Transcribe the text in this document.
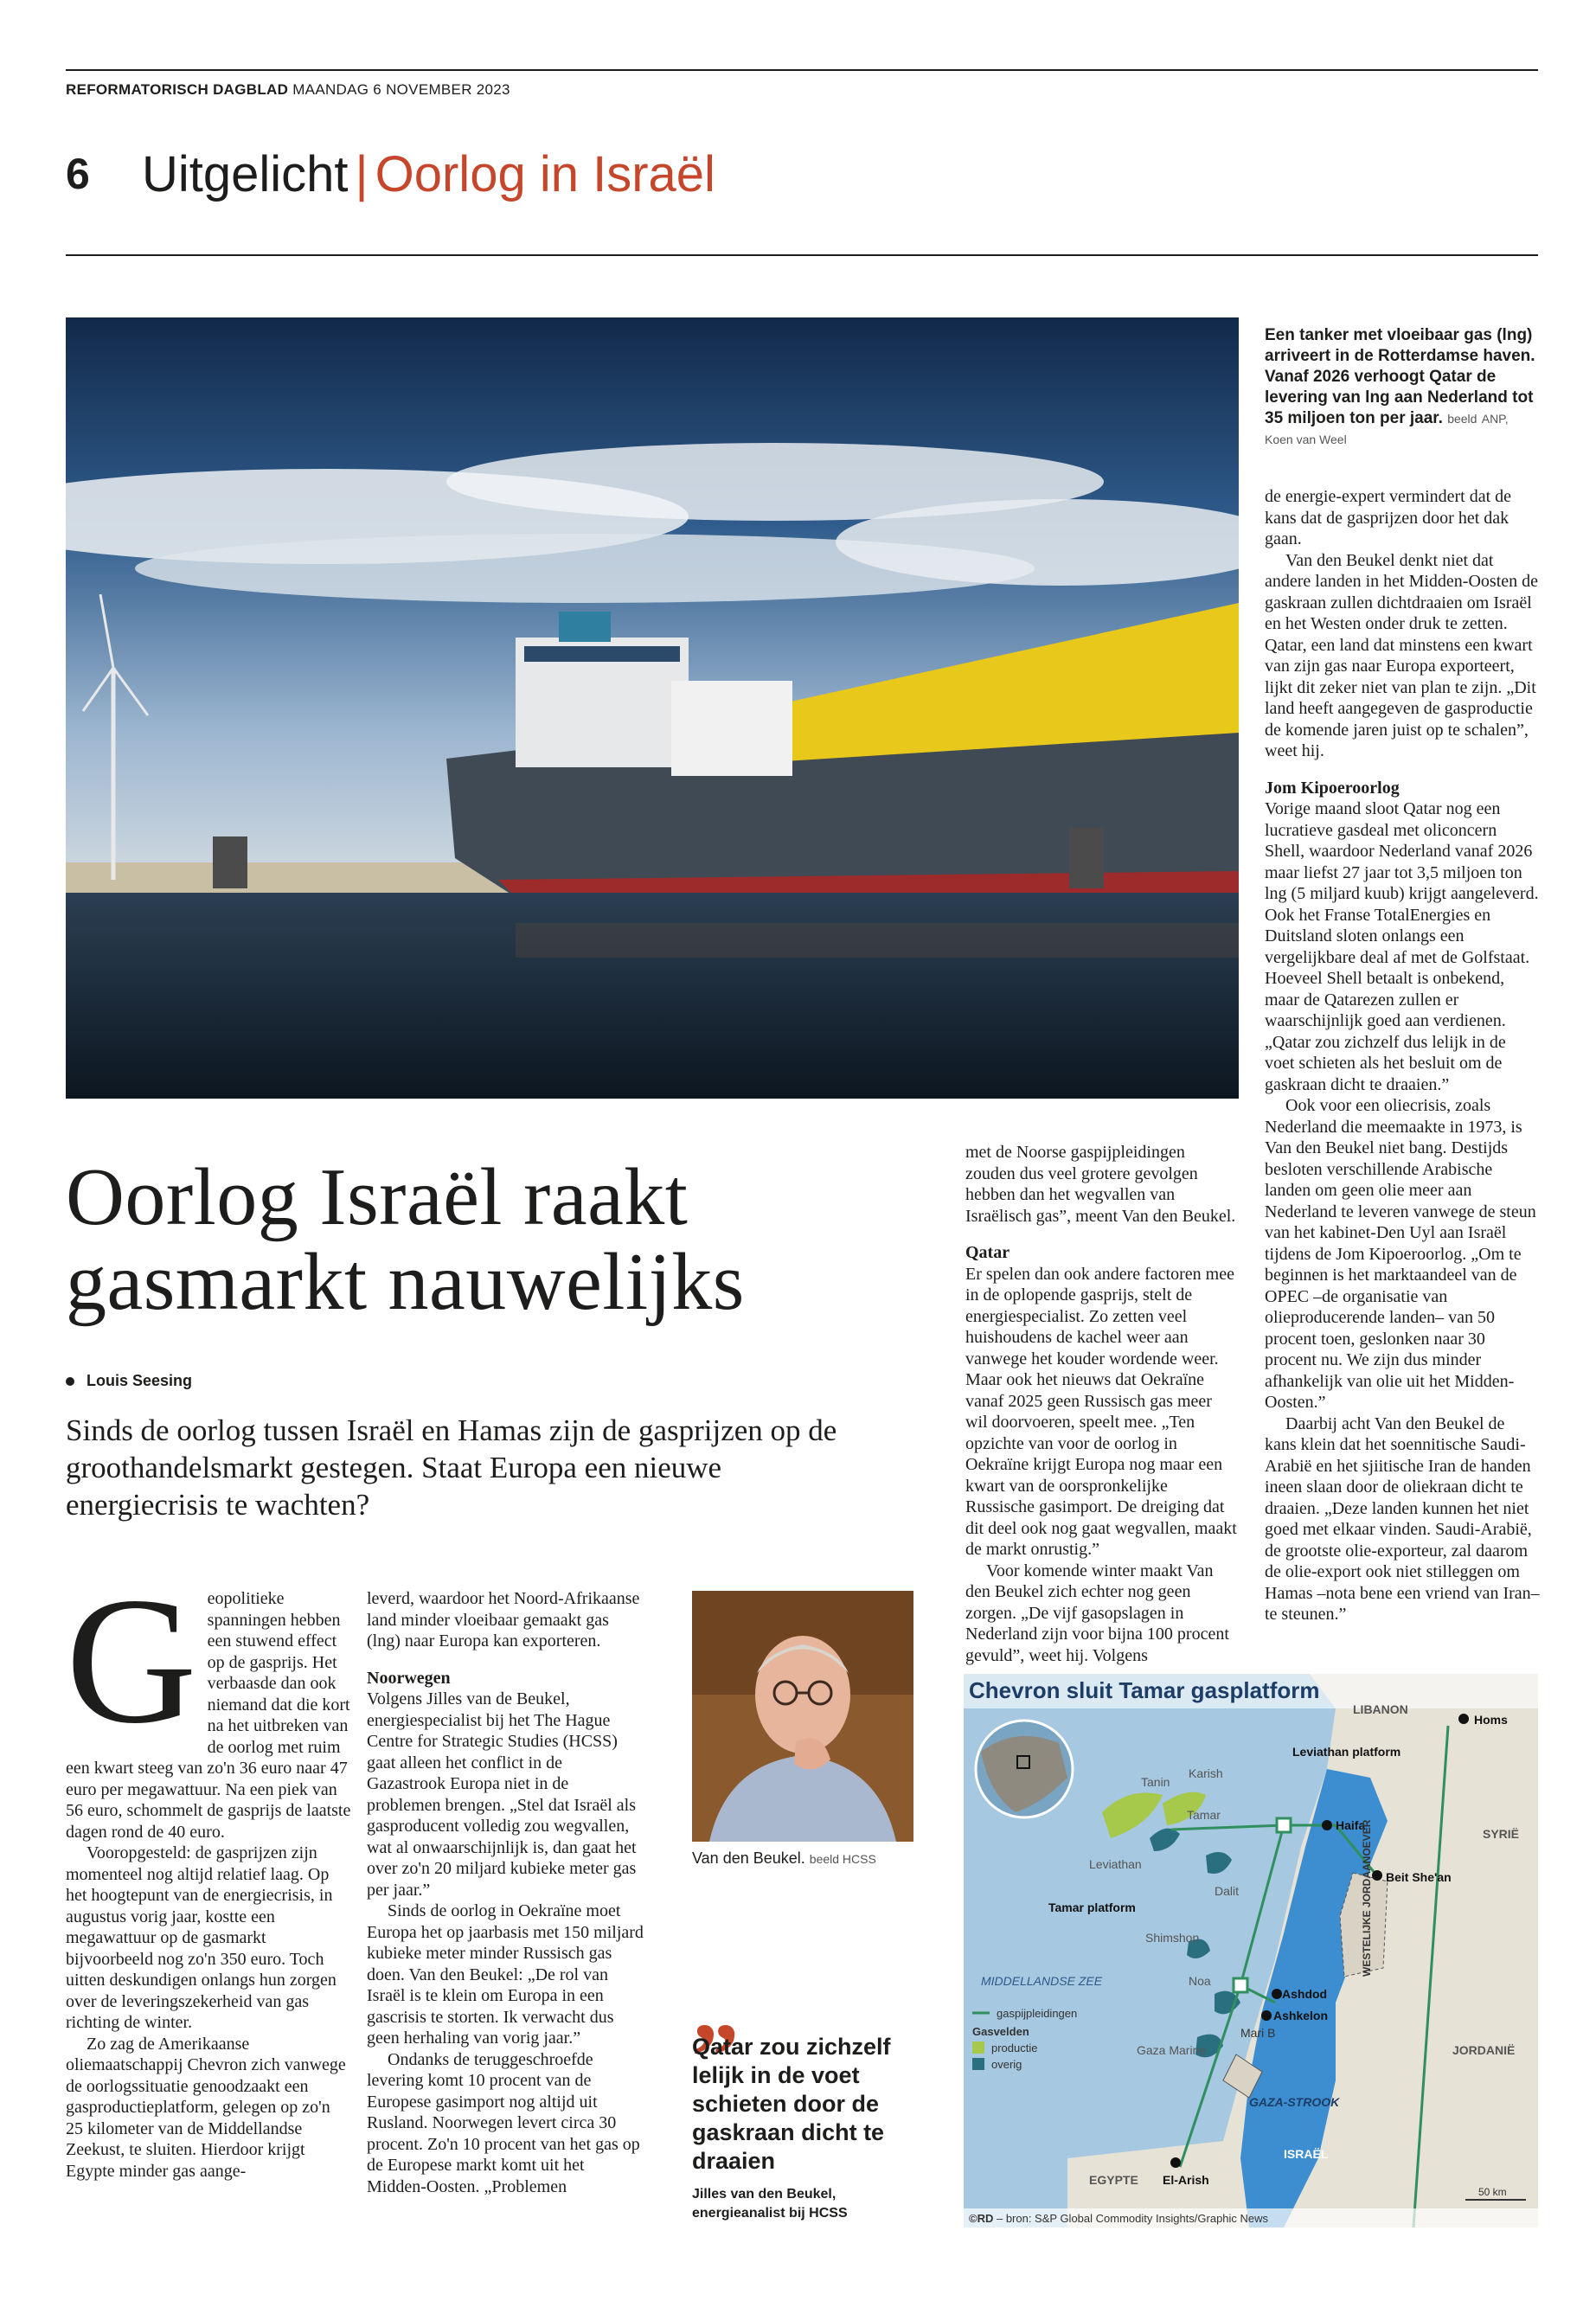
REFORMATORISCH DAGBLAD MAANDAG 6 NOVEMBER 2023
6 Uitgelicht | Oorlog in Israël
Een tanker met vloeibaar gas (lng) arriveert in de Rotterdamse haven. Vanaf 2026 verhoogt Qatar de levering van lng aan Nederland tot 35 miljoen ton per jaar. beeld ANP, Koen van Weel

de energie-expert vermindert dat de kans dat de gasprijzen door het dak gaan.

Van den Beukel denkt niet dat andere landen in het Midden-Oosten de gaskraan zullen dichtdraaien om Israël en het Westen onder druk te zetten. Qatar, een land dat minstens een kwart van zijn gas naar Europa exporteert, lijkt dit zeker niet van plan te zijn. „Dit land heeft aangegeven de gasproductie de komende jaren juist op te schalen”, weet hij.

Jom Kipoeroorlog

Vorige maand sloot Qatar nog een lucratieve gasdeal met oliconcern Shell, waardoor Nederland vanaf 2026 maar liefst 27 jaar tot 3,5 miljoen ton lng (5 miljard kuub) krijgt aangeleverd. Ook het Franse TotalEnergies en Duitsland sloten onlangs een vergelijkbare deal af met de Golfstaat. Hoeveel Shell betaalt is onbekend, maar de Qatarezen zullen er waarschijnlijk goed aan verdienen. „Qatar zou zichzelf dus lelijk in de voet schieten als het besluit om de gaskraan dicht te draaien.”

Ook voor een oliecrisis, zoals Nederland die meemaakte in 1973, is Van den Beukel niet bang. Destijds besloten verschillende Arabische landen om geen olie meer aan Nederland te leveren vanwege de steun van het kabinet-Den Uyl aan Israël tijdens de Jom Kipoeroorlog. „Om te beginnen is het marktaandeel van de OPEC –de organisatie van olieproducerende landen– van 50 procent toen, geslonken naar 30 procent nu. We zijn dus minder afhankelijk van olie uit het Midden-Oosten.”

Daarbij acht Van den Beukel de kans klein dat het soennitische Saudi-Arabië en het sjiitische Iran de handen ineen slaan door de oliekraan dicht te draaien. „Deze landen kunnen het niet goed met elkaar vinden. Saudi-Arabië, de grootste olie-exporteur, zal daarom de olie-export ook niet stilleggen om Hamas –nota bene een vriend van Iran– te steunen.”

met de Noorse gaspijpleidingen zouden dus veel grotere gevolgen hebben dan het wegvallen van Israëlisch gas”, meent Van den Beukel.

Qatar

Er spelen dan ook andere factoren mee in de oplopende gasprijs, stelt de energiespecialist. Zo zetten veel huishoudens de kachel weer aan vanwege het kouder wordende weer. Maar ook het nieuws dat Oekraïne vanaf 2025 geen Russisch gas meer wil doorvoeren, speelt mee. „Ten opzichte van voor de oorlog in Oekraïne krijgt Europa nog maar een kwart van de oorspronkelijke Russische gasimport. De dreiging dat dit deel ook nog gaat wegvallen, maakt de markt onrustig.”

Voor komende winter maakt Van den Beukel zich echter nog geen zorgen. „De vijf gasopslagen in Nederland zijn voor bijna 100 procent gevuld”, weet hij. Volgens

Oorlog Israël raakt gasmarkt nauwelijks
Louis Seesing
Sinds de oorlog tussen Israël en Hamas zijn de gasprijzen op de groothandelsmarkt gestegen. Staat Europa een nieuwe energiecrisis te wachten?
G eopolitieke spanningen hebben een stuwend effect op de gasprijs. Het verbaasde dan ook niemand dat die kort na het uitbreken van de oorlog met ruim een kwart steeg van zo'n 36 euro naar 47 euro per megawattuur. Na een piek van 56 euro, schommelt de gasprijs de laatste dagen rond de 40 euro.

Vooropgesteld: de gasprijzen zijn momenteel nog altijd relatief laag. Op het hoogtepunt van de energiecrisis, in augustus vorig jaar, kostte een megawattuur op de gasmarkt bijvoorbeeld nog zo'n 350 euro. Toch uitten deskundigen onlangs hun zorgen over de leveringszekerheid van gas richting de winter.

Zo zag de Amerikaanse oliemaatschappij Chevron zich vanwege de oorlogssituatie genoodzaakt een gasproductieplatform, gelegen op zo'n 25 kilometer van de Middellandse Zeekust, te sluiten. Hierdoor krijgt Egypte minder gas aange-

leverd, waardoor het Noord-Afrikaanse land minder vloeibaar gemaakt gas (lng) naar Europa kan exporteren.

Noorwegen

Volgens Jilles van de Beukel, energiespecialist bij het The Hague Centre for Strategic Studies (HCSS) gaat alleen het conflict in de Gazastrook Europa niet in de problemen brengen. „Stel dat Israël als gasproducent volledig zou wegvallen, wat al onwaarschijnlijk is, dan gaat het over zo'n 20 miljard kubieke meter gas per jaar.”

Sinds de oorlog in Oekraïne moet Europa het op jaarbasis met 150 miljard kubieke meter minder Russisch gas doen. Van den Beukel: „De rol van Israël is te klein om Europa in een gascrisis te storten. Ik verwacht dus geen herhaling van vorig jaar.”

Ondanks de teruggeschroefde levering komt 10 procent van de Europese gasimport nog altijd uit Rusland. Noorwegen levert circa 30 procent. Zo'n 10 procent van het gas op de Europese markt komt uit het Midden-Oosten. „Problemen

Van den Beukel. beeld HCSS
„
Qatar zou zichzelf lelijk in de voet schieten door de gaskraan dicht te draaien
Jilles van den Beukel, energieanalist bij HCSS
Chevron sluit Tamar gasplatform
LIBANON
Homs
SYRIË
Leviathan platform
Tanin
Karish
Tamar
Haifa
Leviathan
Dalit
Beit She'an
Tamar platform
Shimshon	WESTELIJKE JORDAANOEVER
MIDDELLANDSE ZEE	Noa
Ashdod
Ashkelon
Mari B
Gaza Marine
GAZA-STROOK
El-Arish
JORDANIË
ISRAËL
EGYPTE
gaspijpleidingen
Gasvelden
productie
overig
50 km
©RD – bron: S&P Global Commodity Insights/Graphic News
